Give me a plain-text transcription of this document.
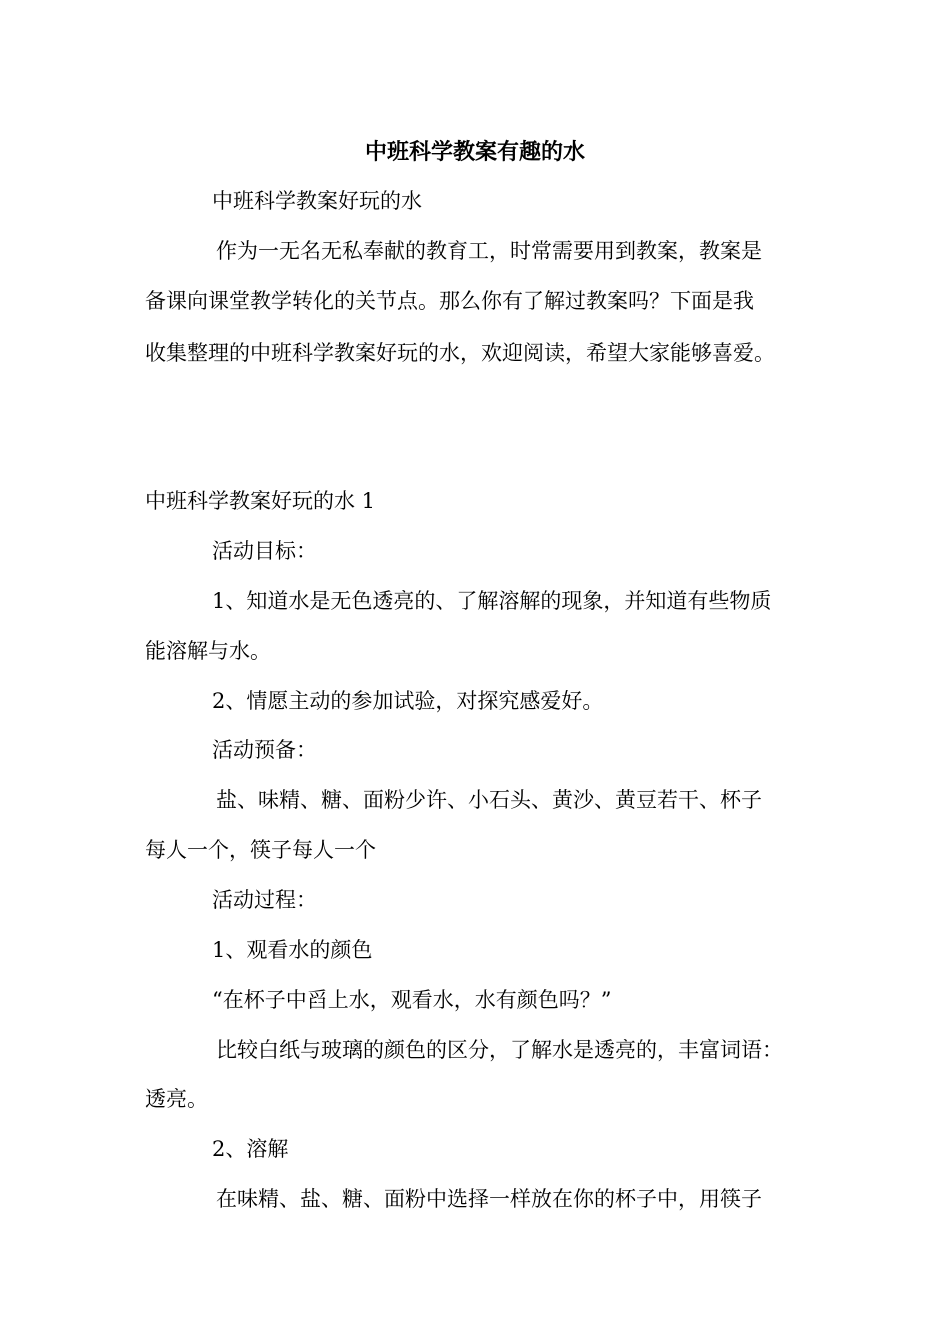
中班科学教案有趣的水
中班科学教案好玩的水
作为一无名无私奉献的教育工，时常需要用到教案，教案是
备课向课堂教学转化的关节点。那么你有了解过教案吗？下面是我
收集整理的中班科学教案好玩的水，欢迎阅读，希望大家能够喜爱。
中班科学教案好玩的水 1
活动目标：
1、知道水是无色透亮的、了解溶解的现象，并知道有些物质
能溶解与水。
2、情愿主动的参加试验，对探究感爱好。
活动预备：
盐、味精、糖、面粉少许、小石头、黄沙、黄豆若干、杯子
每人一个，筷子每人一个
活动过程：
1、观看水的颜色
“在杯子中舀上水，观看水，水有颜色吗？”
比较白纸与玻璃的颜色的区分，了解水是透亮的，丰富词语：
透亮。
2、溶解
在味精、盐、糖、面粉中选择一样放在你的杯子中，用筷子
